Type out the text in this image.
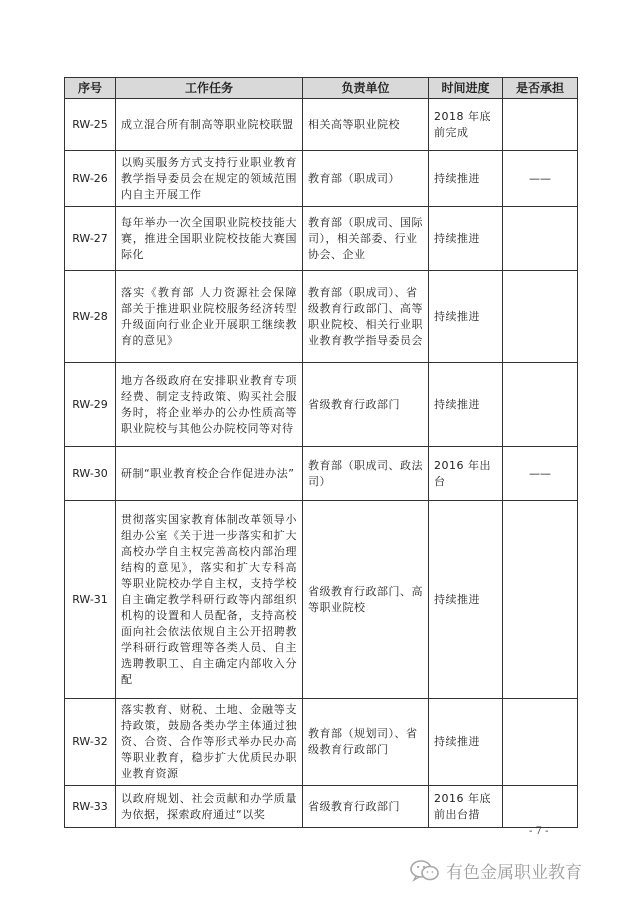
序号	工作任务	负责单位	时间进度	是否承担
RW-25	成立混合所有制高等职业院校联盟	相关高等职业院校	2018 年底前完成	
RW-26	以购买服务方式支持行业职业教育教学指导委员会在规定的领域范围内自主开展工作	教育部（职成司）	持续推进	——
RW-27	每年举办一次全国职业院校技能大赛，推进全国职业院校技能大赛国际化	教育部（职成司、国际司），相关部委、行业协会、企业	持续推进	
RW-28	落实《教育部 人力资源社会保障部关于推进职业院校服务经济转型升级面向行业企业开展职工继续教育的意见》	教育部（职成司）、省级教育行政部门、高等职业院校、相关行业职业教育教学指导委员会	持续推进	
RW-29	地方各级政府在安排职业教育专项经费、制定支持政策、购买社会服务时，将企业举办的公办性质高等职业院校与其他公办院校同等对待	省级教育行政部门	持续推进	
RW-30	研制“职业教育校企合作促进办法”	教育部（职成司、政法司）	2016 年出台	——
RW-31	贯彻落实国家教育体制改革领导小组办公室《关于进一步落实和扩大高校办学自主权完善高校内部治理结构的意见》，落实和扩大专科高等职业院校办学自主权，支持学校自主确定教学科研行政等内部组织机构的设置和人员配备，支持高校面向社会依法依规自主公开招聘教学科研行政管理等各类人员、自主选聘教职工、自主确定内部收入分配	省级教育行政部门、高等职业院校	持续推进	
RW-32	落实教育、财税、土地、金融等支持政策，鼓励各类办学主体通过独资、合资、合作等形式举办民办高等职业教育，稳步扩大优质民办职业教育资源	教育部（规划司）、省级教育行政部门	持续推进	
RW-33	以政府规划、社会贡献和办学质量为依据，探索政府通过“以奖	省级教育行政部门	2016 年底前出台措	
- 7 -
有色金属职业教育
